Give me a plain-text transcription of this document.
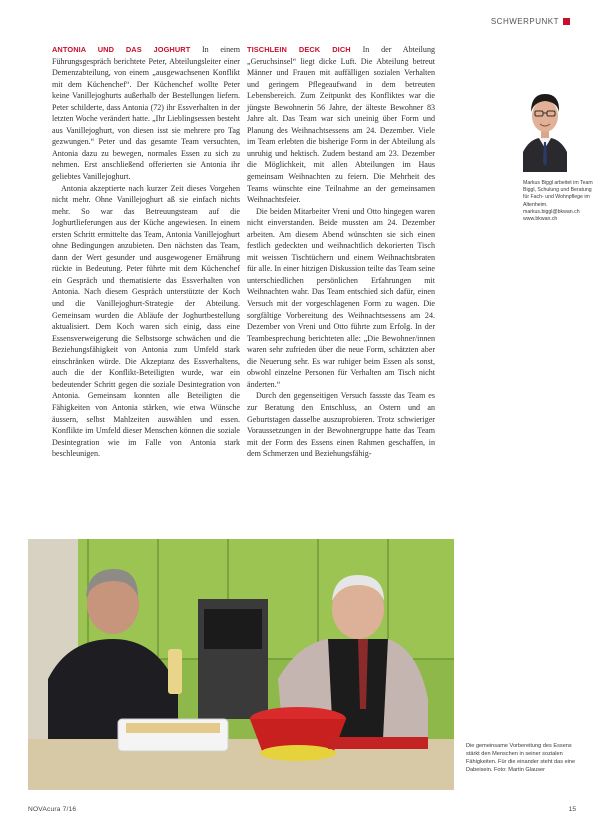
SCHWERPUNKT

ANTONIA UND DAS JOGHURT In einem Führungsgespräch berichtete Peter, Abteilungsleiter einer Demenzabteilung, von einem „ausgewachsenen Konflikt mit dem Küchenchef“. Der Küchenchef wollte Peter keine Vanillejoghurts außerhalb der Bestellungen liefern. Peter schilderte, dass Antonia (72) ihr Essverhalten in der letzten Woche verändert hatte. „Ihr Lieblingsessen besteht aus Vanillejoghurt, von diesen isst sie mehrere pro Tag gezwungen.“ Peter und das gesamte Team versuchten, Antonia dazu zu bewegen, normales Essen zu sich zu nehmen. Erst anschließend offerierten sie Antonia ihr geliebtes Vanillejoghurt.

Antonia akzeptierte nach kurzer Zeit dieses Vorgehen nicht mehr. Ohne Vanillejoghurt aß sie einfach nichts mehr. So war das Betreuungsteam auf die Joghurtlieferungen aus der Küche angewiesen. In einem ersten Schritt ermittelte das Team, Antonia Vanillejoghurt ohne Bedingungen anzubieten. Den nächsten das Team, dann der Wert gesunder und ausgewogener Ernährung rückte in Bedeutung. Peter führte mit dem Küchenchef ein Gespräch und thematisierte das Essverhalten von Antonia. Nach diesem Gespräch unterstützte der Koch und die Vanillejoghurt-Strategie der Abteilung. Gemeinsam wurden die Abläufe der Joghurtbestellung aktualisiert. Dem Koch waren sich einig, dass eine Essensverweigerung die Selbstsorge schwächen und die Beziehungsfähigkeit von Antonia zum Umfeld stark einschränken würde. Die Akzeptanz des Essverhaltens, auch die der Konflikt-Beteiligten wurde, war ein bedeutender Schritt gegen die soziale Desintegration von Antonia. Gemeinsam konnten alle Beteiligten die Fähigkeiten von Antonia stärken, wie etwa Wünsche äussern, selbst Mahlzeiten auswählen und essen. Konflikte im Umfeld dieser Menschen können die soziale Desintegration wie im Falle von Antonia stark beschleunigen.

TISCHLEIN DECK DICH In der Abteilung „Geruchsinsel“ liegt dicke Luft. Die Abteilung betreut Männer und Frauen mit auffälligen sozialen Verhalten und geringem Pflegeaufwand in dem betreuten Lebensbereich. Zum Zeitpunkt des Konfliktes war die jüngste Bewohnerin 56 Jahre, der älteste Bewohner 83 Jahre alt. Das Team war sich uneinig über Form und Planung des Weihnachtsessens am 24. Dezember. Viele im Team erlebten die bisherige Form in der Abteilung als unruhig und hektisch. Zudem bestand am 23. Dezember die Möglichkeit, mit allen Abteilungen im Haus gemeinsam Weihnachten zu feiern. Die Mehrheit des Teams wünschte eine Teilnahme an der gemeinsamen Weihnachtsfeier.

Die beiden Mitarbeiter Vreni und Otto hingegen waren nicht einverstanden. Beide mussten am 24. Dezember arbeiten. Am diesem Abend wünschten sie sich einen festlich gedeckten und weihnachtlich dekorierten Tisch mit weissen Tischtüchern und einem Weihnachtsbraten für alle. In einer hitzigen Diskussion teilte das Team seine unterschiedlichen persönlichen Erfahrungen mit Weihnachten wahr. Das Team entschied sich dafür, einen Versuch mit der vorgeschlagenen Form zu wagen. Die sorgfältige Vorbereitung des Weihnachtsessens am 24. Dezember von Vreni und Otto führte zum Erfolg. In der Teambesprechung berichteten alle: „Die Bewohner/innen waren sehr zufrieden über die neue Form, schätzten aber die Neuerung sehr. Es war ruhiger beim Essen als sonst, obwohl einzelne Personen für Verhalten am Tisch nicht änderten.“

Durch den gegenseitigen Versuch fassste das Team es zur Beratung den Entschluss, an Ostern und an Geburtstagen dasselbe auszuprobieren. Trotz schwieriger Voraussetzungen in der Bewohnergruppe hatte das Team mit der Form des Essens einen Rahmen geschaffen, in dem Schmerzen und Beziehungsfähig-

Markus Biggl arbeitet im Team
Biggl, Schulung und Beratung
für Fach- und Wohnpflege im
Altenheim.
markus.biggl@bkwan.ch
www.bkwan.ch
Die gemeinsame Vorbereitung des Essens stärkt den Menschen in seiner sozialen Fähigkeiten. Für die einander steht das eine Dabeisein. Foto: Martin Glauser
NOVAcura 7/16	15
